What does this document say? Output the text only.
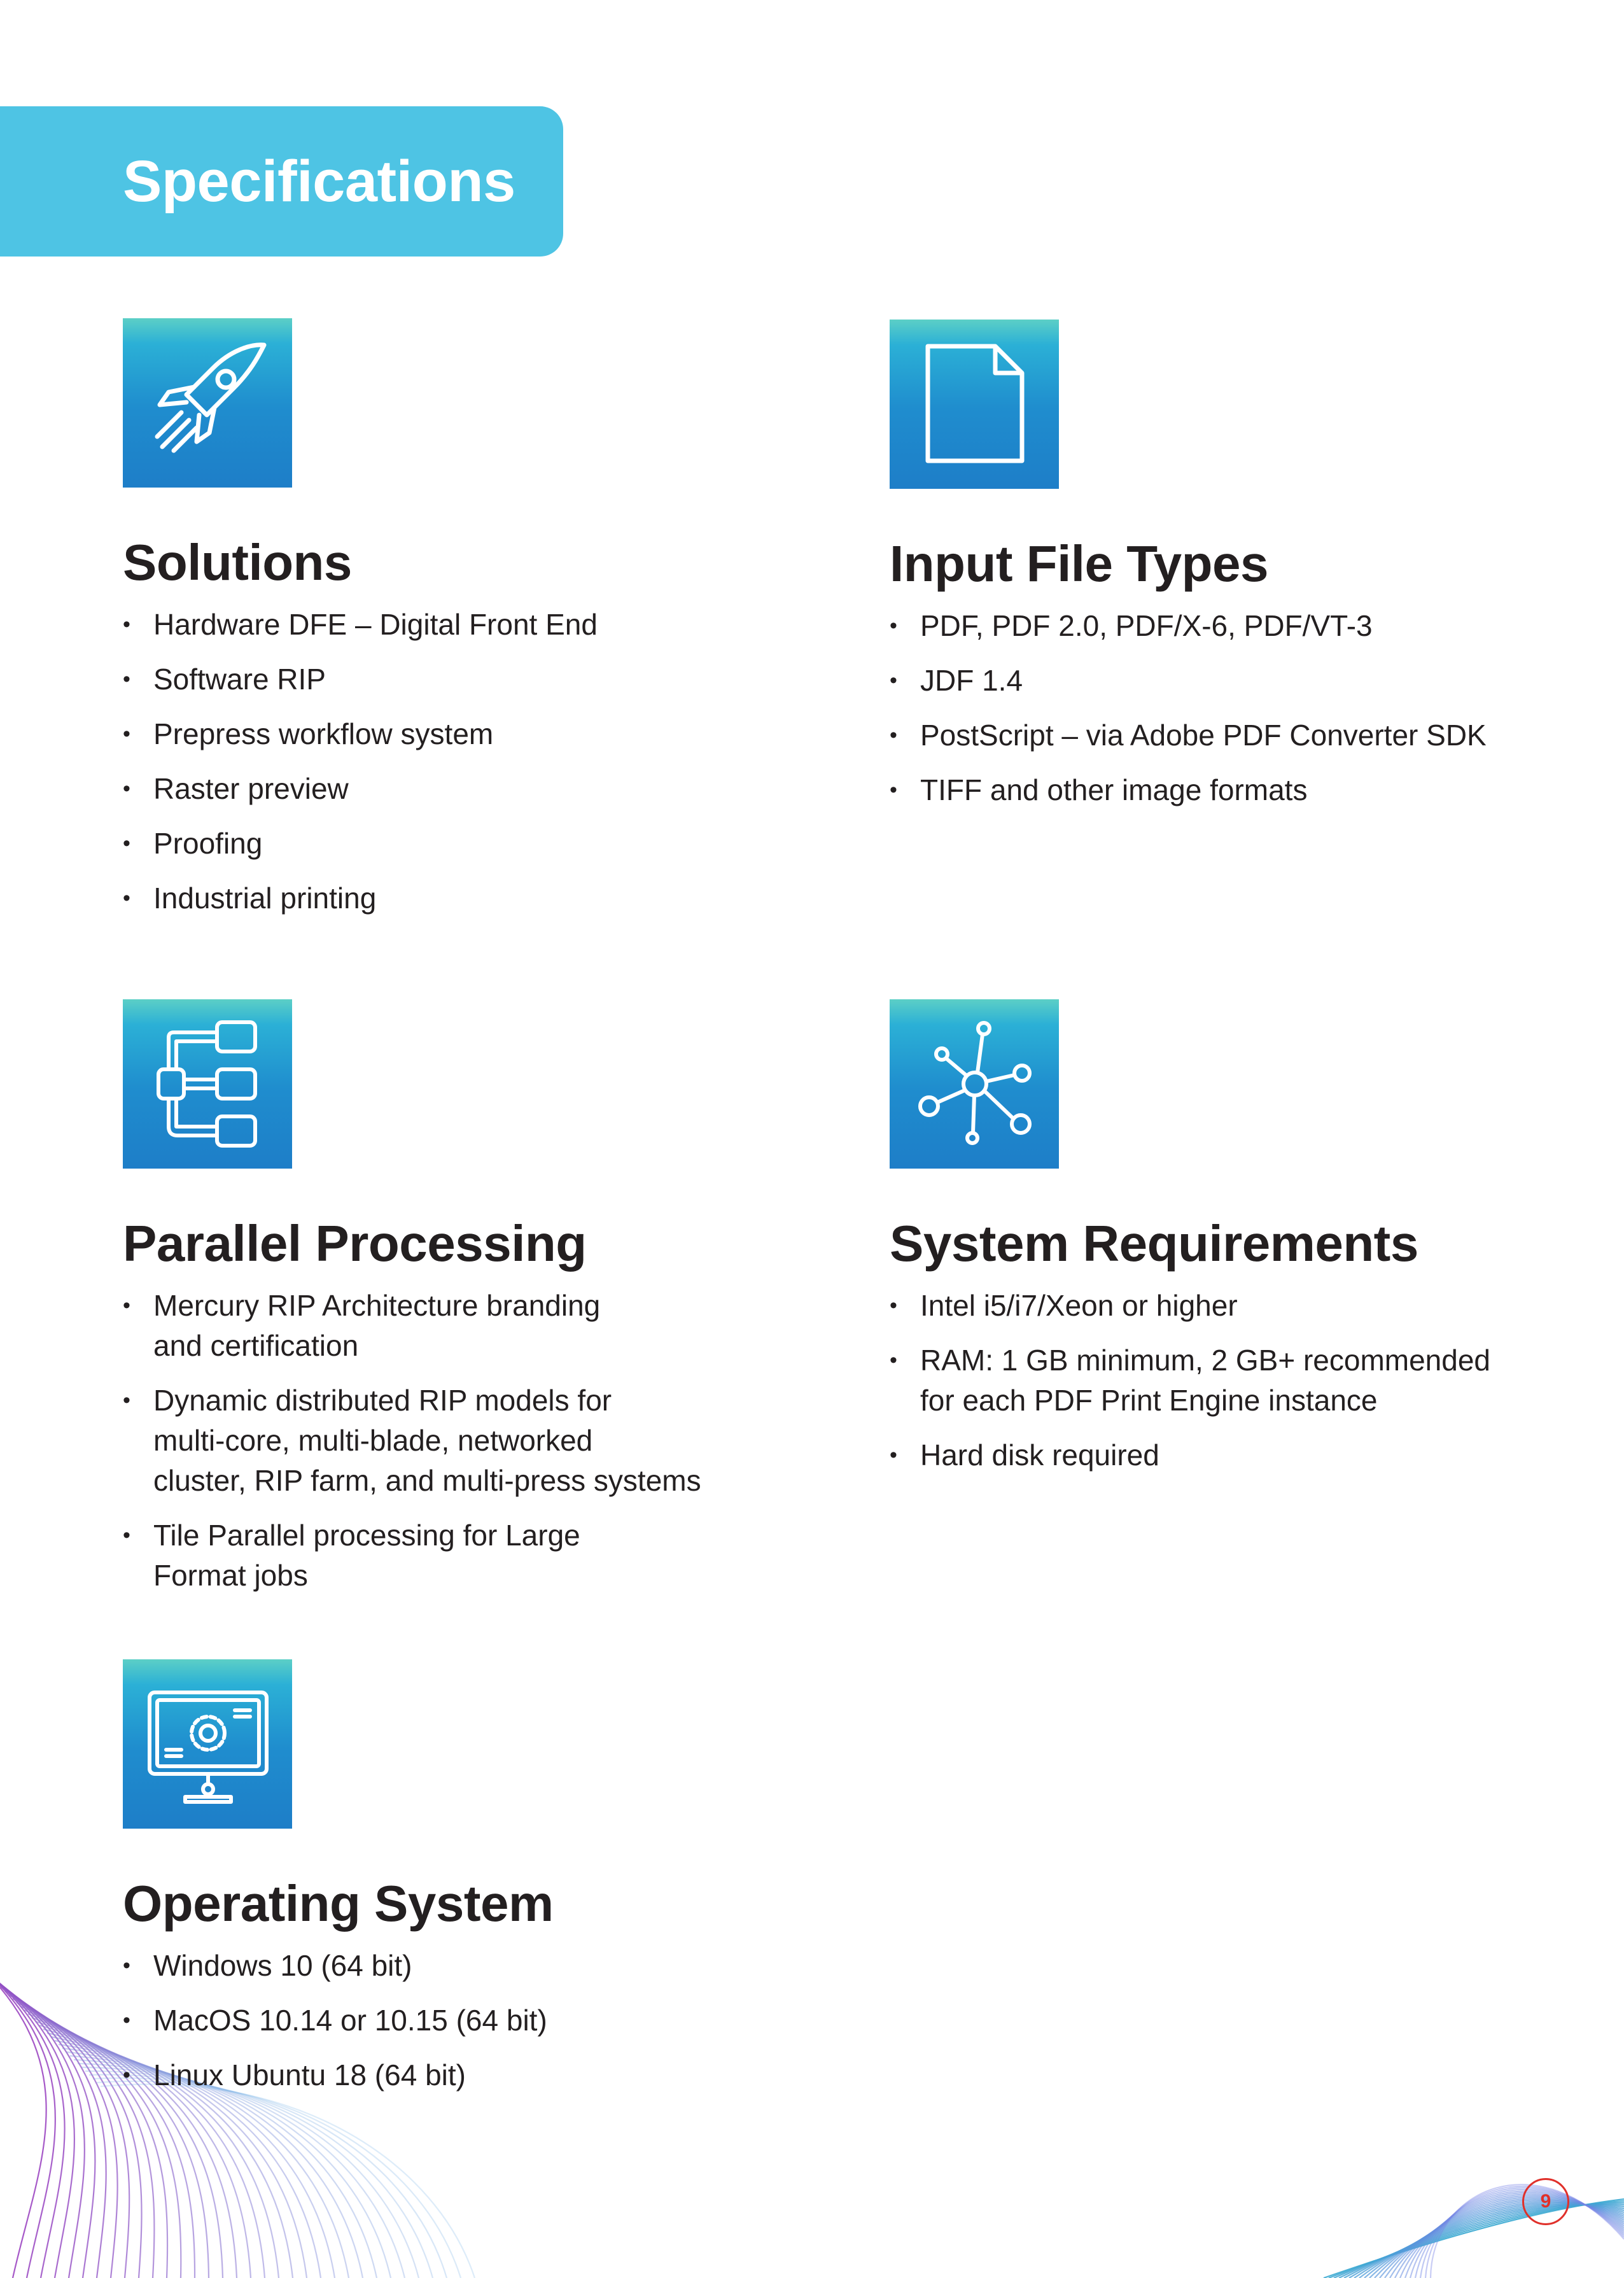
Specifications
Solutions
• Hardware DFE – Digital Front End
• Software RIP
• Prepress workflow system
• Raster preview
• Proofing
• Industrial printing
Input File Types
• PDF, PDF 2.0, PDF/X-6, PDF/VT-3
• JDF 1.4
• PostScript – via Adobe PDF Converter SDK
• TIFF and other image formats
Parallel Processing
• Mercury RIP Architecture branding
and certification
• Dynamic distributed RIP models for
multi-core, multi-blade, networked
cluster, RIP farm, and multi-press systems
• Tile Parallel processing for Large
Format jobs
System Requirements
• Intel i5/i7/Xeon or higher
• RAM: 1 GB minimum, 2 GB+ recommended
for each PDF Print Engine instance
• Hard disk required
Operating System
• Windows 10 (64 bit)
• MacOS 10.14 or 10.15 (64 bit)
• Linux Ubuntu 18 (64 bit)
9
